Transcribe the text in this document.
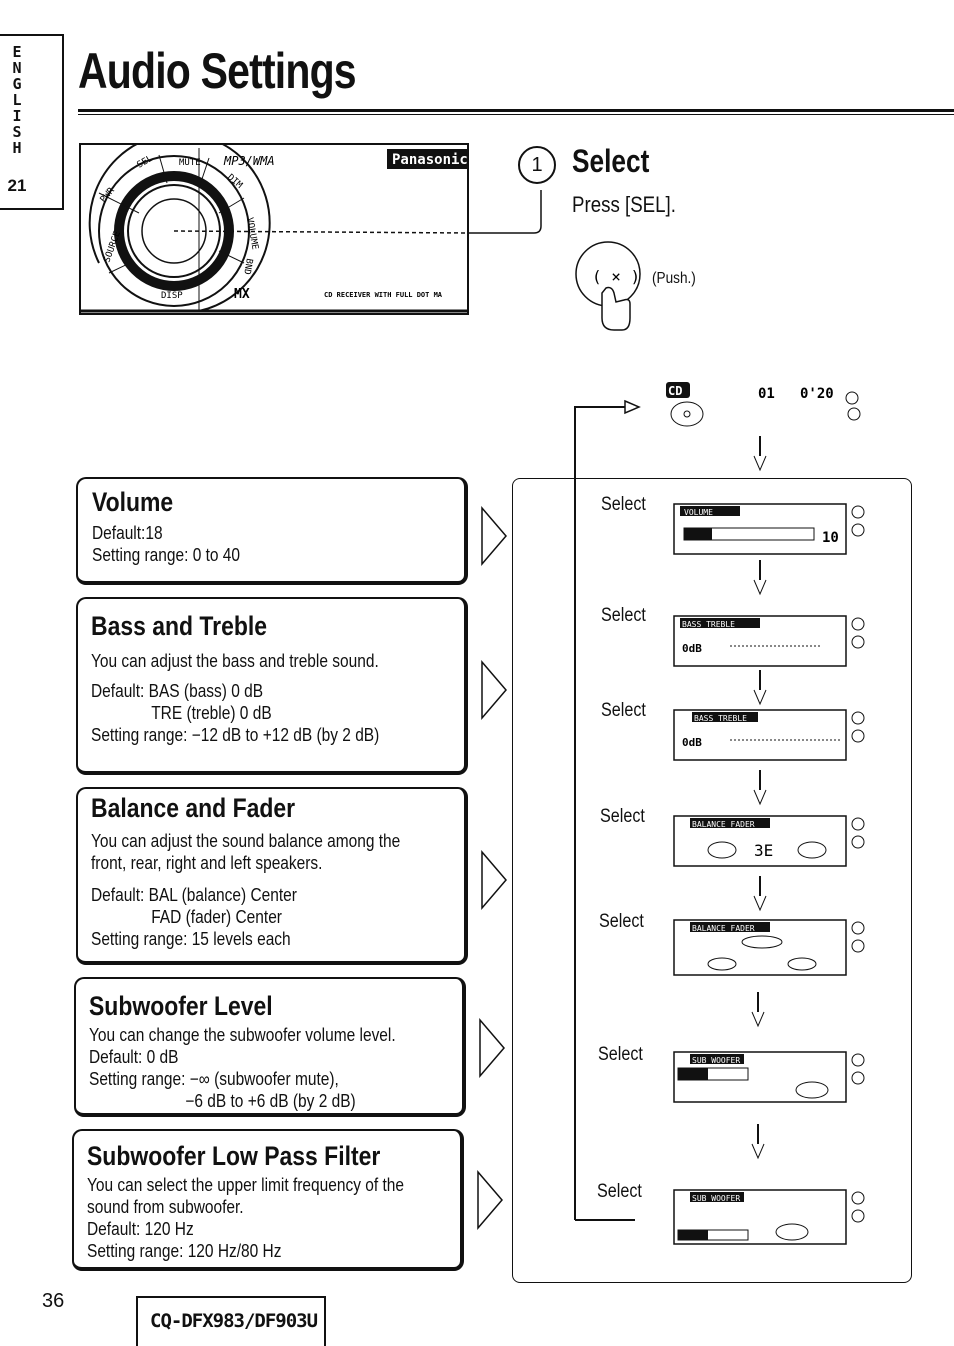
E
N
G
L
I
S
H
21
Audio Settings
SOURCE
PWR
SEL	MUTE
DIM
VOLUME
BND
DISP
MP3/WMA	Panasonic
MX	CD RECEIVER WITH FULL DOT MA
1 Select
Press [SEL].
( × ) (Push.)
CD	01 0'20
Select	VOLUME
10
Select	BASS TREBLE
0dB
Select	BASS TREBLE
0dB
Select	BALANCE FADER
3E
Select	BALANCE FADER
Select	SUB WOOFER
Select	SUB WOOFER
Volume
Default:18
Setting range: 0 to 40
Bass and Treble
You can adjust the bass and treble sound.
Default: BAS (bass) 0 dB
TRE (treble) 0 dB
Setting range: −12 dB to +12 dB (by 2 dB)
Balance and Fader
You can adjust the sound balance among the
front, rear, right and left speakers.
Default: BAL (balance) Center
FAD (fader) Center
Setting range: 15 levels each
Subwoofer Level
You can change the subwoofer volume level.
Default: 0 dB
Setting range: −∞ (subwoofer mute),
−6 dB to +6 dB (by 2 dB)
Subwoofer Low Pass Filter
You can select the upper limit frequency of the
sound from subwoofer.
Default: 120 Hz
Setting range: 120 Hz/80 Hz
36
CQ-DFX983/DF903U
